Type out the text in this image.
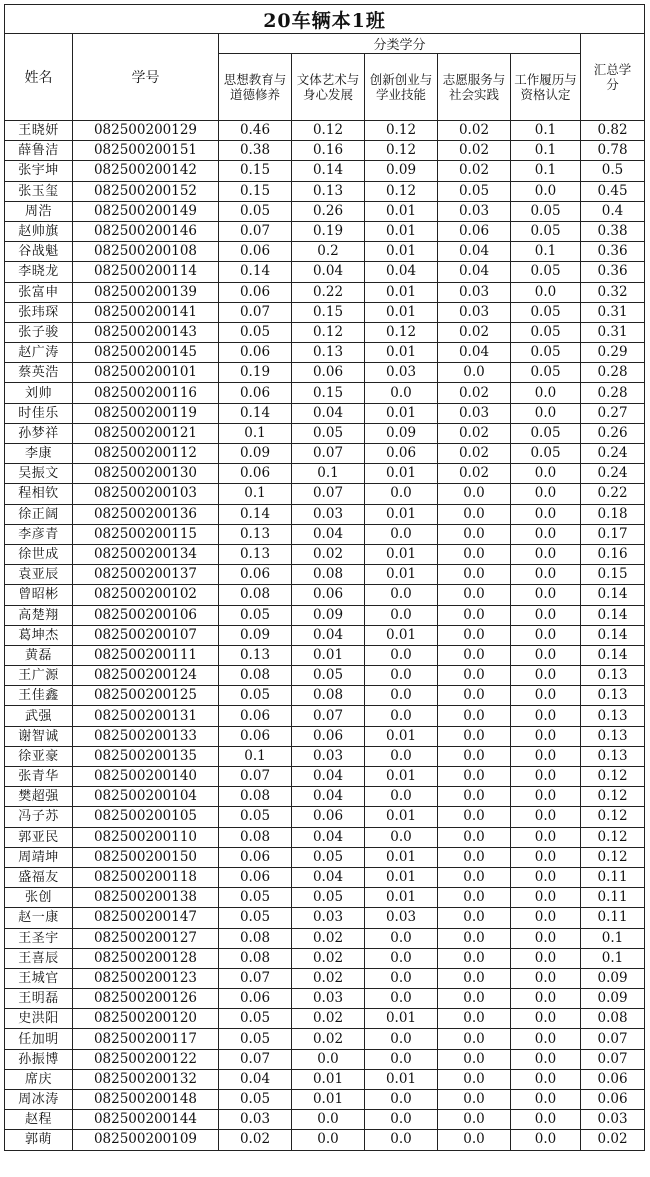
20车辆本1班							
姓名	学号	分类学分					汇总学分
		思想教育与道德修养	文体艺术与身心发展	创新创业与学业技能	志愿服务与社会实践	工作履历与资格认定	
王晓妍	082500200129	0.46	0.12	0.12	0.02	0.1	0.82
薛鲁洁	082500200151	0.38	0.16	0.12	0.02	0.1	0.78
张宇坤	082500200142	0.15	0.14	0.09	0.02	0.1	0.5
张玉玺	082500200152	0.15	0.13	0.12	0.05	0.0	0.45
周浩	082500200149	0.05	0.26	0.01	0.03	0.05	0.4
赵帅旗	082500200146	0.07	0.19	0.01	0.06	0.05	0.38
谷战魁	082500200108	0.06	0.2	0.01	0.04	0.1	0.36
李晓龙	082500200114	0.14	0.04	0.04	0.04	0.05	0.36
张富申	082500200139	0.06	0.22	0.01	0.03	0.0	0.32
张玮琛	082500200141	0.07	0.15	0.01	0.03	0.05	0.31
张子骏	082500200143	0.05	0.12	0.12	0.02	0.05	0.31
赵广涛	082500200145	0.06	0.13	0.01	0.04	0.05	0.29
蔡英浩	082500200101	0.19	0.06	0.03	0.0	0.05	0.28
刘帅	082500200116	0.06	0.15	0.0	0.02	0.0	0.28
时佳乐	082500200119	0.14	0.04	0.01	0.03	0.0	0.27
孙梦祥	082500200121	0.1	0.05	0.09	0.02	0.05	0.26
李康	082500200112	0.09	0.07	0.06	0.02	0.05	0.24
吴振文	082500200130	0.06	0.1	0.01	0.02	0.0	0.24
程相钦	082500200103	0.1	0.07	0.0	0.0	0.0	0.22
徐正阔	082500200136	0.14	0.03	0.01	0.0	0.0	0.18
李彦青	082500200115	0.13	0.04	0.0	0.0	0.0	0.17
徐世成	082500200134	0.13	0.02	0.01	0.0	0.0	0.16
袁亚辰	082500200137	0.06	0.08	0.01	0.0	0.0	0.15
曾昭彬	082500200102	0.08	0.06	0.0	0.0	0.0	0.14
高楚翔	082500200106	0.05	0.09	0.0	0.0	0.0	0.14
葛坤杰	082500200107	0.09	0.04	0.01	0.0	0.0	0.14
黄磊	082500200111	0.13	0.01	0.0	0.0	0.0	0.14
王广源	082500200124	0.08	0.05	0.0	0.0	0.0	0.13
王佳鑫	082500200125	0.05	0.08	0.0	0.0	0.0	0.13
武强	082500200131	0.06	0.07	0.0	0.0	0.0	0.13
谢智诚	082500200133	0.06	0.06	0.01	0.0	0.0	0.13
徐亚豪	082500200135	0.1	0.03	0.0	0.0	0.0	0.13
张青华	082500200140	0.07	0.04	0.01	0.0	0.0	0.12
樊超强	082500200104	0.08	0.04	0.0	0.0	0.0	0.12
冯子苏	082500200105	0.05	0.06	0.01	0.0	0.0	0.12
郭亚民	082500200110	0.08	0.04	0.0	0.0	0.0	0.12
周靖坤	082500200150	0.06	0.05	0.01	0.0	0.0	0.12
盛福友	082500200118	0.06	0.04	0.01	0.0	0.0	0.11
张创	082500200138	0.05	0.05	0.01	0.0	0.0	0.11
赵一康	082500200147	0.05	0.03	0.03	0.0	0.0	0.11
王圣宇	082500200127	0.08	0.02	0.0	0.0	0.0	0.1
王喜辰	082500200128	0.08	0.02	0.0	0.0	0.0	0.1
王城官	082500200123	0.07	0.02	0.0	0.0	0.0	0.09
王明磊	082500200126	0.06	0.03	0.0	0.0	0.0	0.09
史洪阳	082500200120	0.05	0.02	0.01	0.0	0.0	0.08
任加明	082500200117	0.05	0.02	0.0	0.0	0.0	0.07
孙振博	082500200122	0.07	0.0	0.0	0.0	0.0	0.07
席庆	082500200132	0.04	0.01	0.01	0.0	0.0	0.06
周冰涛	082500200148	0.05	0.01	0.0	0.0	0.0	0.06
赵程	082500200144	0.03	0.0	0.0	0.0	0.0	0.03
郭萌	082500200109	0.02	0.0	0.0	0.0	0.0	0.02
